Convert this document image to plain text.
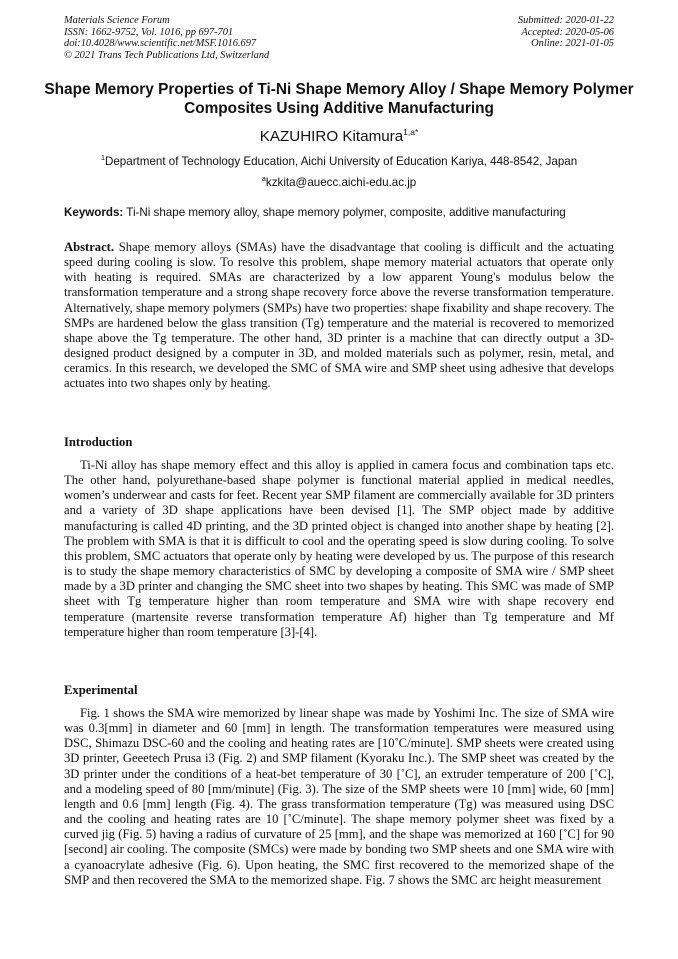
Materials Science Forum
ISSN: 1662-9752, Vol. 1016, pp 697-701
doi:10.4028/www.scientific.net/MSF.1016.697
© 2021 Trans Tech Publications Ltd, Switzerland
Submitted: 2020-01-22
Accepted: 2020-05-06
Online: 2021-01-05
Shape Memory Properties of Ti-Ni Shape Memory Alloy / Shape Memory Polymer Composites Using Additive Manufacturing
KAZUHIRO Kitamura$^{1,a*}$
$^1$Department of Technology Education, Aichi University of Education Kariya, 448-8542, Japan
$^a$kzkita@auecc.aichi-edu.ac.jp
Keywords: Ti-Ni shape memory alloy, shape memory polymer, composite, additive manufacturing
Abstract. Shape memory alloys (SMAs) have the disadvantage that cooling is difficult and the actuating speed during cooling is slow. To resolve this problem, shape memory material actuators that operate only with heating is required. SMAs are characterized by a low apparent Young's modulus below the transformation temperature and a strong shape recovery force above the reverse transformation temperature. Alternatively, shape memory polymers (SMPs) have two properties: shape fixability and shape recovery. The SMPs are hardened below the glass transition (Tg) temperature and the material is recovered to memorized shape above the Tg temperature. The other hand, 3D printer is a machine that can directly output a 3D-designed product designed by a computer in 3D, and molded materials such as polymer, resin, metal, and ceramics. In this research, we developed the SMC of SMA wire and SMP sheet using adhesive that develops actuates into two shapes only by heating.
Introduction
Ti-Ni alloy has shape memory effect and this alloy is applied in camera focus and combination taps etc. The other hand, polyurethane-based shape polymer is functional material applied in medical needles, women’s underwear and casts for feet. Recent year SMP filament are commercially available for 3D printers and a variety of 3D shape applications have been devised [1]. The SMP object made by additive manufacturing is called 4D printing, and the 3D printed object is changed into another shape by heating [2]. The problem with SMA is that it is difficult to cool and the operating speed is slow during cooling. To solve this problem, SMC actuators that operate only by heating were developed by us. The purpose of this research is to study the shape memory characteristics of SMC by developing a composite of SMA wire / SMP sheet made by a 3D printer and changing the SMC sheet into two shapes by heating. This SMC was made of SMP sheet with Tg temperature higher than room temperature and SMA wire with shape recovery end temperature (martensite reverse transformation temperature Af) higher than Tg temperature and Mf temperature higher than room temperature [3]-[4].
Experimental
Fig. 1 shows the SMA wire memorized by linear shape was made by Yoshimi Inc. The size of SMA wire was 0.3[mm] in diameter and 60 [mm] in length. The transformation temperatures were measured using DSC, Shimazu DSC-60 and the cooling and heating rates are [10˚C/minute]. SMP sheets were created using 3D printer, Geeetech Prusa i3 (Fig. 2) and SMP filament (Kyoraku Inc.). The SMP sheet was created by the 3D printer under the conditions of a heat-bet temperature of 30 [˚C], an extruder temperature of 200 [˚C], and a modeling speed of 80 [mm/minute] (Fig. 3). The size of the SMP sheets were 10 [mm] wide, 60 [mm] length and 0.6 [mm] length (Fig. 4). The grass transformation temperature (Tg) was measured using DSC and the cooling and heating rates are 10 [˚C/minute]. The shape memory polymer sheet was fixed by a curved jig (Fig. 5) having a radius of curvature of 25 [mm], and the shape was memorized at 160 [˚C] for 90 [second] air cooling. The composite (SMCs) were made by bonding two SMP sheets and one SMA wire with a cyanoacrylate adhesive (Fig. 6). Upon heating, the SMC first recovered to the memorized shape of the SMP and then recovered the SMA to the memorized shape. Fig. 7 shows the SMC arc height measurement
